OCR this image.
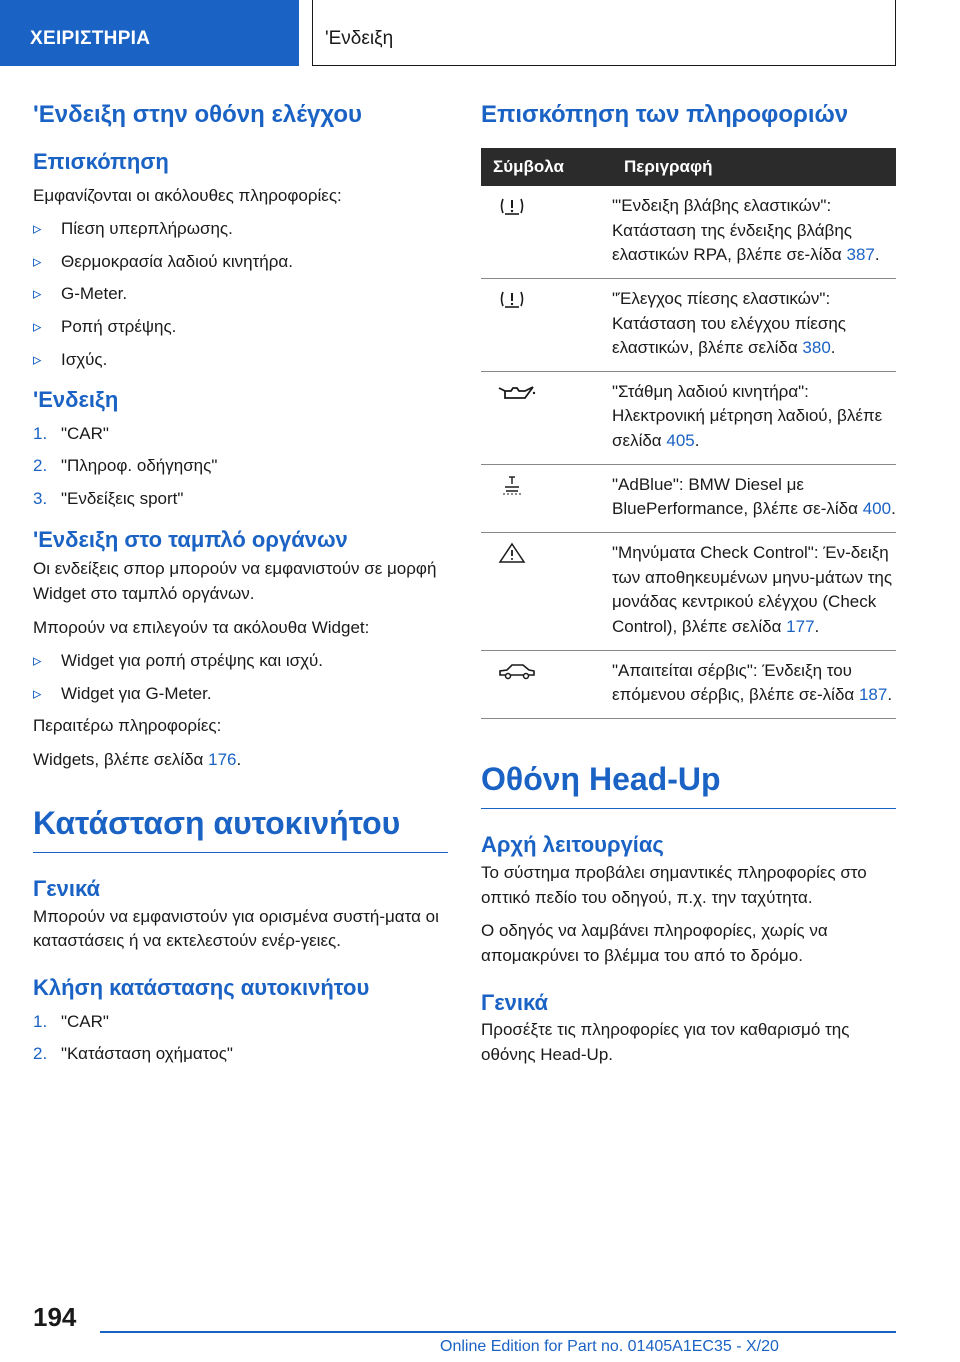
ΧΕΙΡΙΣΤΗΡΙΑ	'Ενδειξη
'Ενδειξη στην οθόνη ελέγχου
Επισκόπηση

Εμφανίζονται οι ακόλουθες πληροφορίες:

▹	Πίεση υπερπλήρωσης.
▹	Θερμοκρασία λαδιού κινητήρα.
▹	G-Meter.
▹	Ροπή στρέψης.
▹	Ισχύς.
'Ενδειξη
1. "CAR"
2. "Πληροφ. οδήγησης"
3. "Ενδείξεις sport"
'Ενδειξη στο ταμπλό οργάνων

Οι ενδείξεις σπορ μπορούν να εμφανιστούν σε μορφή Widget στο ταμπλό οργάνων.

Μπορούν να επιλεγούν τα ακόλουθα Widget:

▹	Widget για ροπή στρέψης και ισχύ.
▹	Widget για G-Meter.

Περαιτέρω πληροφορίες:

Widgets, βλέπε σελίδα 176.

Κατάσταση αυτοκινήτου
Γενικά

Μπορούν να εμφανιστούν για ορισμένα συστή-ματα οι καταστάσεις ή να εκτελεστούν ενέρ-γειες.

Κλήση κατάστασης αυτοκινήτου
1. "CAR"
2. "Κατάσταση οχήματος"
Επισκόπηση των πληροφοριών
Σύμβολα	Περιγραφή

	"'Ενδειξη βλάβης ελαστικών": Κατάσταση της ένδειξης βλάβης ελαστικών RPA, βλέπε σε-λίδα 387.

	"Έλεγχος πίεσης ελαστικών": Κατάσταση του ελέγχου πίεσης ελαστικών, βλέπε σελίδα 380.

	"Στάθμη λαδιού κινητήρα": Ηλεκτρονική μέτρηση λαδιού, βλέπε σελίδα 405.

	"AdBlue": BMW Diesel με BluePerformance, βλέπε σε-λίδα 400.

	"Μηνύματα Check Control": Έν-δειξη των αποθηκευμένων μηνυ-μάτων της μονάδας κεντρικού ελέγχου (Check Control), βλέπε σελίδα 177.

	"Απαιτείται σέρβις": Ένδειξη του επόμενου σέρβις, βλέπε σε-λίδα 187.
Οθόνη Head-Up
Αρχή λειτουργίας

Το σύστημα προβάλει σημαντικές πληροφορίες στο οπτικό πεδίο του οδηγού, π.χ. την ταχύτητα.

Ο οδηγός να λαμβάνει πληροφορίες, χωρίς να απομακρύνει το βλέμμα του από το δρόμο.

Γενικά

Προσέξτε τις πληροφορίες για τον καθαρισμό της οθόνης Head-Up.

194
Online Edition for Part no. 01405A1EC35 - X/20
